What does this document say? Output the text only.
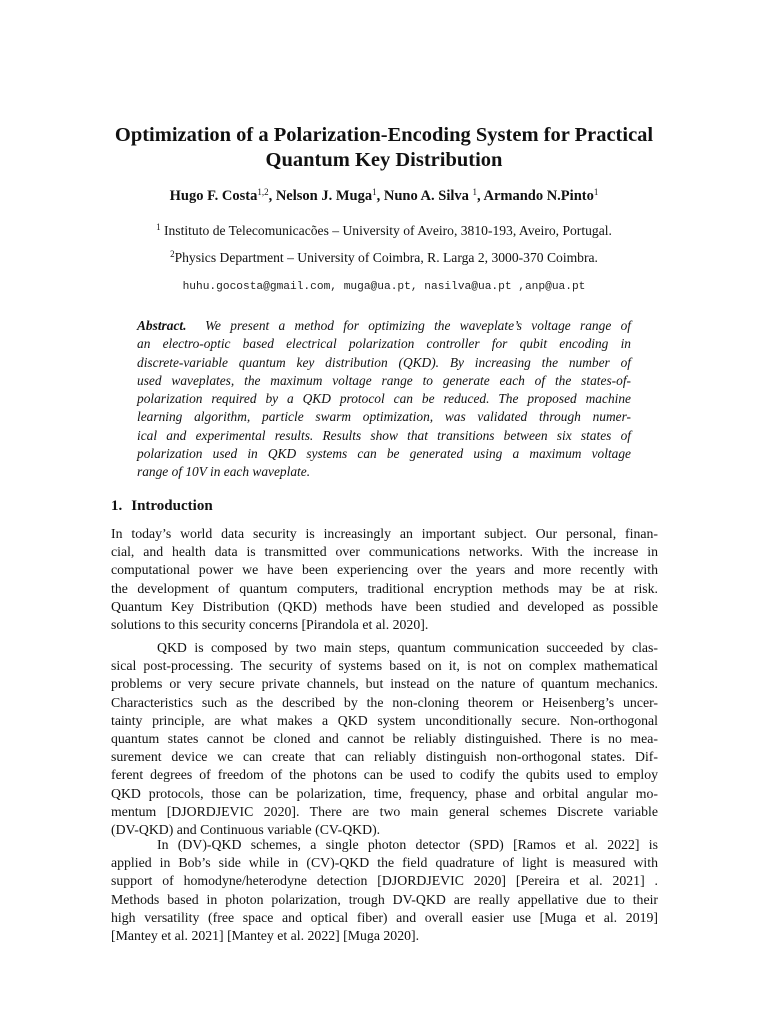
Optimization of a Polarization-Encoding System for Practical
Quantum Key Distribution
Hugo F. Costa$^{1,2}$, Nelson J. Muga$^1$, Nuno A. Silva $^1$, Armando N.Pinto$^1$
$^1$ Instituto de Telecomunicacões – University of Aveiro, 3810-193, Aveiro, Portugal.
$^2$Physics Department – University of Coimbra, R. Larga 2, 3000-370 Coimbra.
huhu.gocosta@gmail.com, muga@ua.pt, nasilva@ua.pt ,anp@ua.pt
Abstract. We present a method for optimizing the waveplate’s voltage range of
an electro-optic based electrical polarization controller for qubit encoding in
discrete-variable quantum key distribution (QKD). By increasing the number of
used waveplates, the maximum voltage range to generate each of the states-of-
polarization required by a QKD protocol can be reduced. The proposed machine
learning algorithm, particle swarm optimization, was validated through numer-
ical and experimental results. Results show that transitions between six states of
polarization used in QKD systems can be generated using a maximum voltage
range of 10V in each waveplate.
1. Introduction
In today’s world data security is increasingly an important subject. Our personal, finan-
cial, and health data is transmitted over communications networks. With the increase in
computational power we have been experiencing over the years and more recently with
the development of quantum computers, traditional encryption methods may be at risk.
Quantum Key Distribution (QKD) methods have been studied and developed as possible
solutions to this security concerns [Pirandola et al. 2020].
QKD is composed by two main steps, quantum communication succeeded by clas-
sical post-processing. The security of systems based on it, is not on complex mathematical
problems or very secure private channels, but instead on the nature of quantum mechanics.
Characteristics such as the described by the non-cloning theorem or Heisenberg’s uncer-
tainty principle, are what makes a QKD system unconditionally secure. Non-orthogonal
quantum states cannot be cloned and cannot be reliably distinguished. There is no mea-
surement device we can create that can reliably distinguish non-orthogonal states. Dif-
ferent degrees of freedom of the photons can be used to codify the qubits used to employ
QKD protocols, those can be polarization, time, frequency, phase and orbital angular mo-
mentum [DJORDJEVIC 2020]. There are two main general schemes Discrete variable
(DV-QKD) and Continuous variable (CV-QKD).
In (DV)-QKD schemes, a single photon detector (SPD) [Ramos et al. 2022] is
applied in Bob’s side while in (CV)-QKD the field quadrature of light is measured with
support of homodyne/heterodyne detection [DJORDJEVIC 2020] [Pereira et al. 2021] .
Methods based in photon polarization, trough DV-QKD are really appellative due to their
high versatility (free space and optical fiber) and overall easier use [Muga et al. 2019]
[Mantey et al. 2021] [Mantey et al. 2022] [Muga 2020].
